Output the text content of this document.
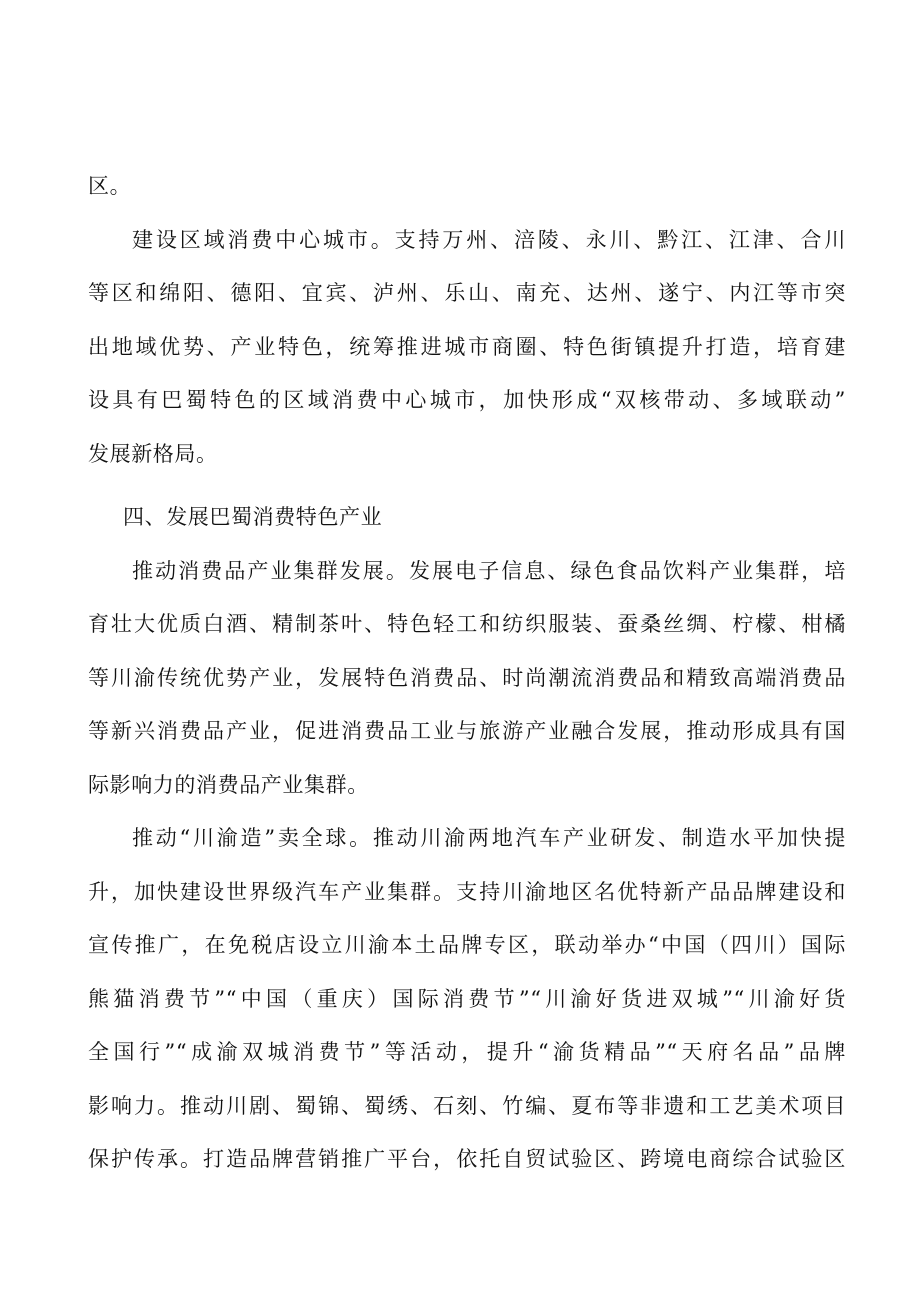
区。
建设区域消费中心城市。支持万州、涪陵、永川、黔江、江津、合川
等区和绵阳、德阳、宜宾、泸州、乐山、南充、达州、遂宁、内江等市突
出地域优势、产业特色，统筹推进城市商圈、特色街镇提升打造，培育建
设具有巴蜀特色的区域消费中心城市，加快形成“双核带动、多域联动”
发展新格局。
四、发展巴蜀消费特色产业
推动消费品产业集群发展。发展电子信息、绿色食品饮料产业集群，培
育壮大优质白酒、精制茶叶、特色轻工和纺织服装、蚕桑丝绸、柠檬、柑橘
等川渝传统优势产业，发展特色消费品、时尚潮流消费品和精致高端消费品
等新兴消费品产业，促进消费品工业与旅游产业融合发展，推动形成具有国
际影响力的消费品产业集群。
推动“川渝造”卖全球。推动川渝两地汽车产业研发、制造水平加快提
升，加快建设世界级汽车产业集群。支持川渝地区名优特新产品品牌建设和
宣传推广，在免税店设立川渝本土品牌专区，联动举办“中国（四川）国际
熊猫消费节”“中国（重庆）国际消费节”“川渝好货进双城”“川渝好货
全国行”“成渝双城消费节”等活动，提升“渝货精品”“天府名品”品牌
影响力。推动川剧、蜀锦、蜀绣、石刻、竹编、夏布等非遗和工艺美术项目
保护传承。打造品牌营销推广平台，依托自贸试验区、跨境电商综合试验区
